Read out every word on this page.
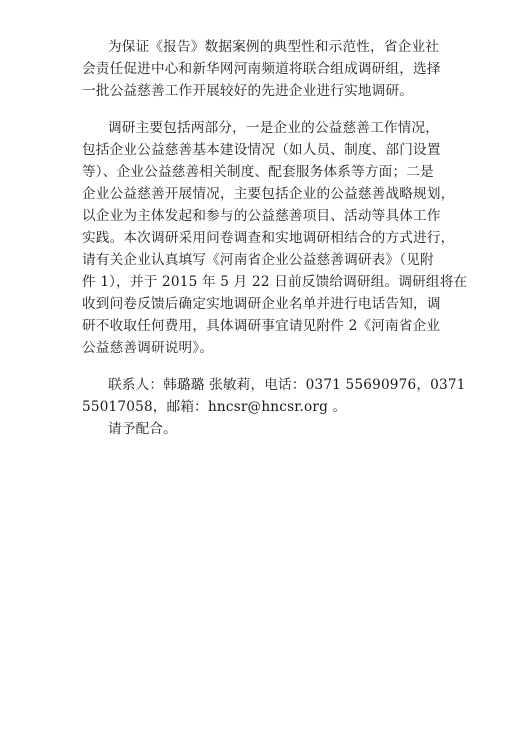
为保证《报告》数据案例的典型性和示范性，省企业社
会责任促进中心和新华网河南频道将联合组成调研组，选择
一批公益慈善工作开展较好的先进企业进行实地调研。
调研主要包括两部分，一是企业的公益慈善工作情况，
包括企业公益慈善基本建设情况（如人员、制度、部门设置
等）、企业公益慈善相关制度、配套服务体系等方面；二是
企业公益慈善开展情况，主要包括企业的公益慈善战略规划，
以企业为主体发起和参与的公益慈善项目、活动等具体工作
实践。本次调研采用问卷调查和实地调研相结合的方式进行，
请有关企业认真填写《河南省企业公益慈善调研表》（见附
件 1），并于 2015 年 5 月 22 日前反馈给调研组。调研组将在
收到问卷反馈后确定实地调研企业名单并进行电话告知，调
研不收取任何费用，具体调研事宜请见附件 2《河南省企业
公益慈善调研说明》。
联系人：韩璐璐 张敏莉，电话：0371 55690976，0371
55017058，邮箱：hncsr@hncsr.org 。
请予配合。
